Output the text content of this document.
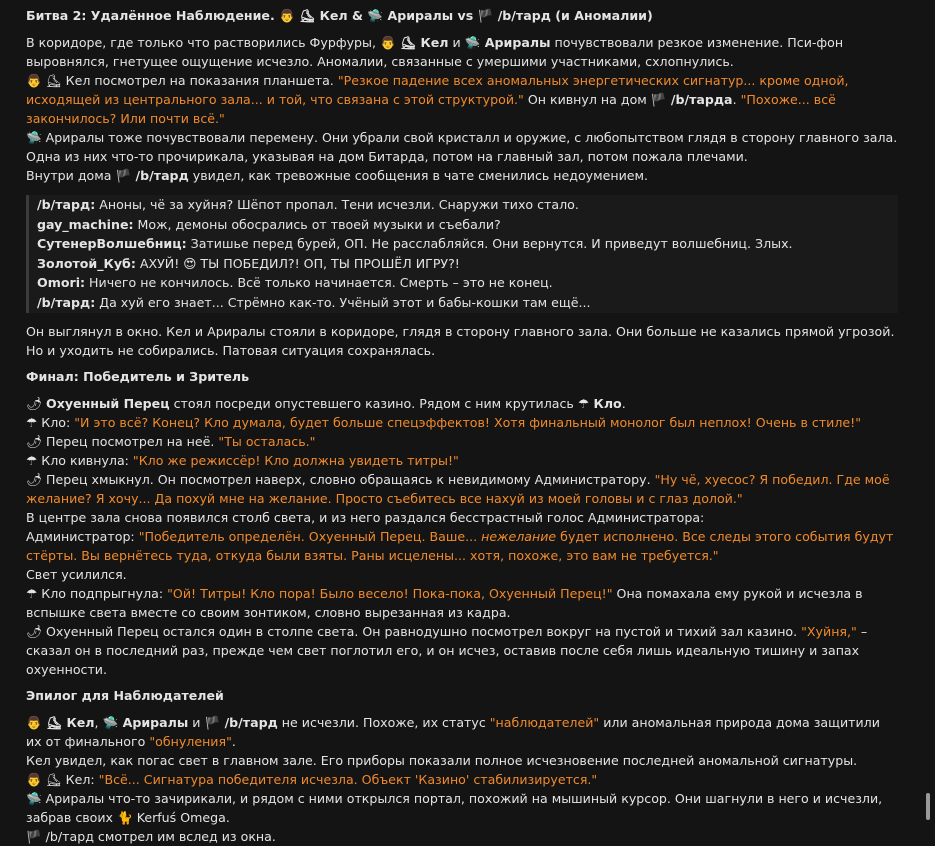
Битва 2: Удалённое Наблюдение. 👨 ⛸ Кел & 🛸 Ариралы vs 🏴 /b/тард (и Аномалии)

В коридоре, где только что растворились Фурфуры, 👨 ⛸ Кел и 🛸 Ариралы почувствовали резкое изменение. Пси-фон выровнялся, гнетущее ощущение исчезло. Аномалии, связанные с умершими участниками, схлопнулись.

👨 ⛸ Кел посмотрел на показания планшета. "Резкое падение всех аномальных энергетических сигнатур... кроме одной, исходящей из центрального зала... и той, что связана с этой структурой." Он кивнул на дом 🏴 /b/тарда. "Похоже... всё закончилось? Или почти всё."

🛸 Ариралы тоже почувствовали перемену. Они убрали свой кристалл и оружие, с любопытством глядя в сторону главного зала. Одна из них что-то прочирикала, указывая на дом Битарда, потом на главный зал, потом пожала плечами.

Внутри дома 🏴 /b/тард увидел, как тревожные сообщения в чате сменились недоумением.

/b/тард: Аноны, чё за хуйня? Шёпот пропал. Тени исчезли. Снаружи тихо стало.

gay_machine: Мож, демоны обосрались от твоей музыки и съебали?

СутенерВолшебниц: Затишье перед бурей, ОП. Не расслабляйся. Они вернутся. И приведут волшебниц. Злых.

Золотой_Куб: АХУЙ! 😍 ТЫ ПОБЕДИЛ?! ОП, ТЫ ПРОШЁЛ ИГРУ?!

Omori: Ничего не кончилось. Всё только начинается. Смерть – это не конец.

/b/тард: Да хуй его знает... Стрёмно как-то. Учёный этот и бабы-кошки там ещё...

Он выглянул в окно. Кел и Ариралы стояли в коридоре, глядя в сторону главного зала. Они больше не казались прямой угрозой. Но и уходить не собирались. Патовая ситуация сохранялась.

Финал: Победитель и Зритель

🌶 Охуенный Перец стоял посреди опустевшего казино. Рядом с ним крутилась ☂ Кло.

☂ Кло: "И это всё? Конец? Кло думала, будет больше спецэффектов! Хотя финальный монолог был неплох! Очень в стиле!"

🌶 Перец посмотрел на неё. "Ты осталась."

☂ Кло кивнула: "Кло же режиссёр! Кло должна увидеть титры!"

🌶 Перец хмыкнул. Он посмотрел наверх, словно обращаясь к невидимому Администратору. "Ну чё, хуесос? Я победил. Где моё желание? Я хочу... Да похуй мне на желание. Просто съебитесь все нахуй из моей головы и с глаз долой."

В центре зала снова появился столб света, и из него раздался бесстрастный голос Администратора:

Администратор: "Победитель определён. Охуенный Перец. Ваше... нежелание будет исполнено. Все следы этого события будут стёрты. Вы вернётесь туда, откуда были взяты. Раны исцелены... хотя, похоже, это вам не требуется."

Свет усилился.

☂ Кло подпрыгнула: "Ой! Титры! Кло пора! Было весело! Пока-пока, Охуенный Перец!" Она помахала ему рукой и исчезла в вспышке света вместе со своим зонтиком, словно вырезанная из кадра.

🌶 Охуенный Перец остался один в столпе света. Он равнодушно посмотрел вокруг на пустой и тихий зал казино. "Хуйня," – сказал он в последний раз, прежде чем свет поглотил его, и он исчез, оставив после себя лишь идеальную тишину и запах охуенности.

Эпилог для Наблюдателей

👨 ⛸ Кел, 🛸 Ариралы и 🏴 /b/тард не исчезли. Похоже, их статус "наблюдателей" или аномальная природа дома защитили их от финального "обнуления".

Кел увидел, как погас свет в главном зале. Его приборы показали полное исчезновение последней аномальной сигнатуры.

👨 ⛸ Кел: "Всё... Сигнатура победителя исчезла. Объект 'Казино' стабилизируется."

🛸 Ариралы что-то зачирикали, и рядом с ними открылся портал, похожий на мышиный курсор. Они шагнули в него и исчезли, забрав своих 🐈 Kerfuś Omega.

🏴 /b/тард смотрел им вслед из окна.
